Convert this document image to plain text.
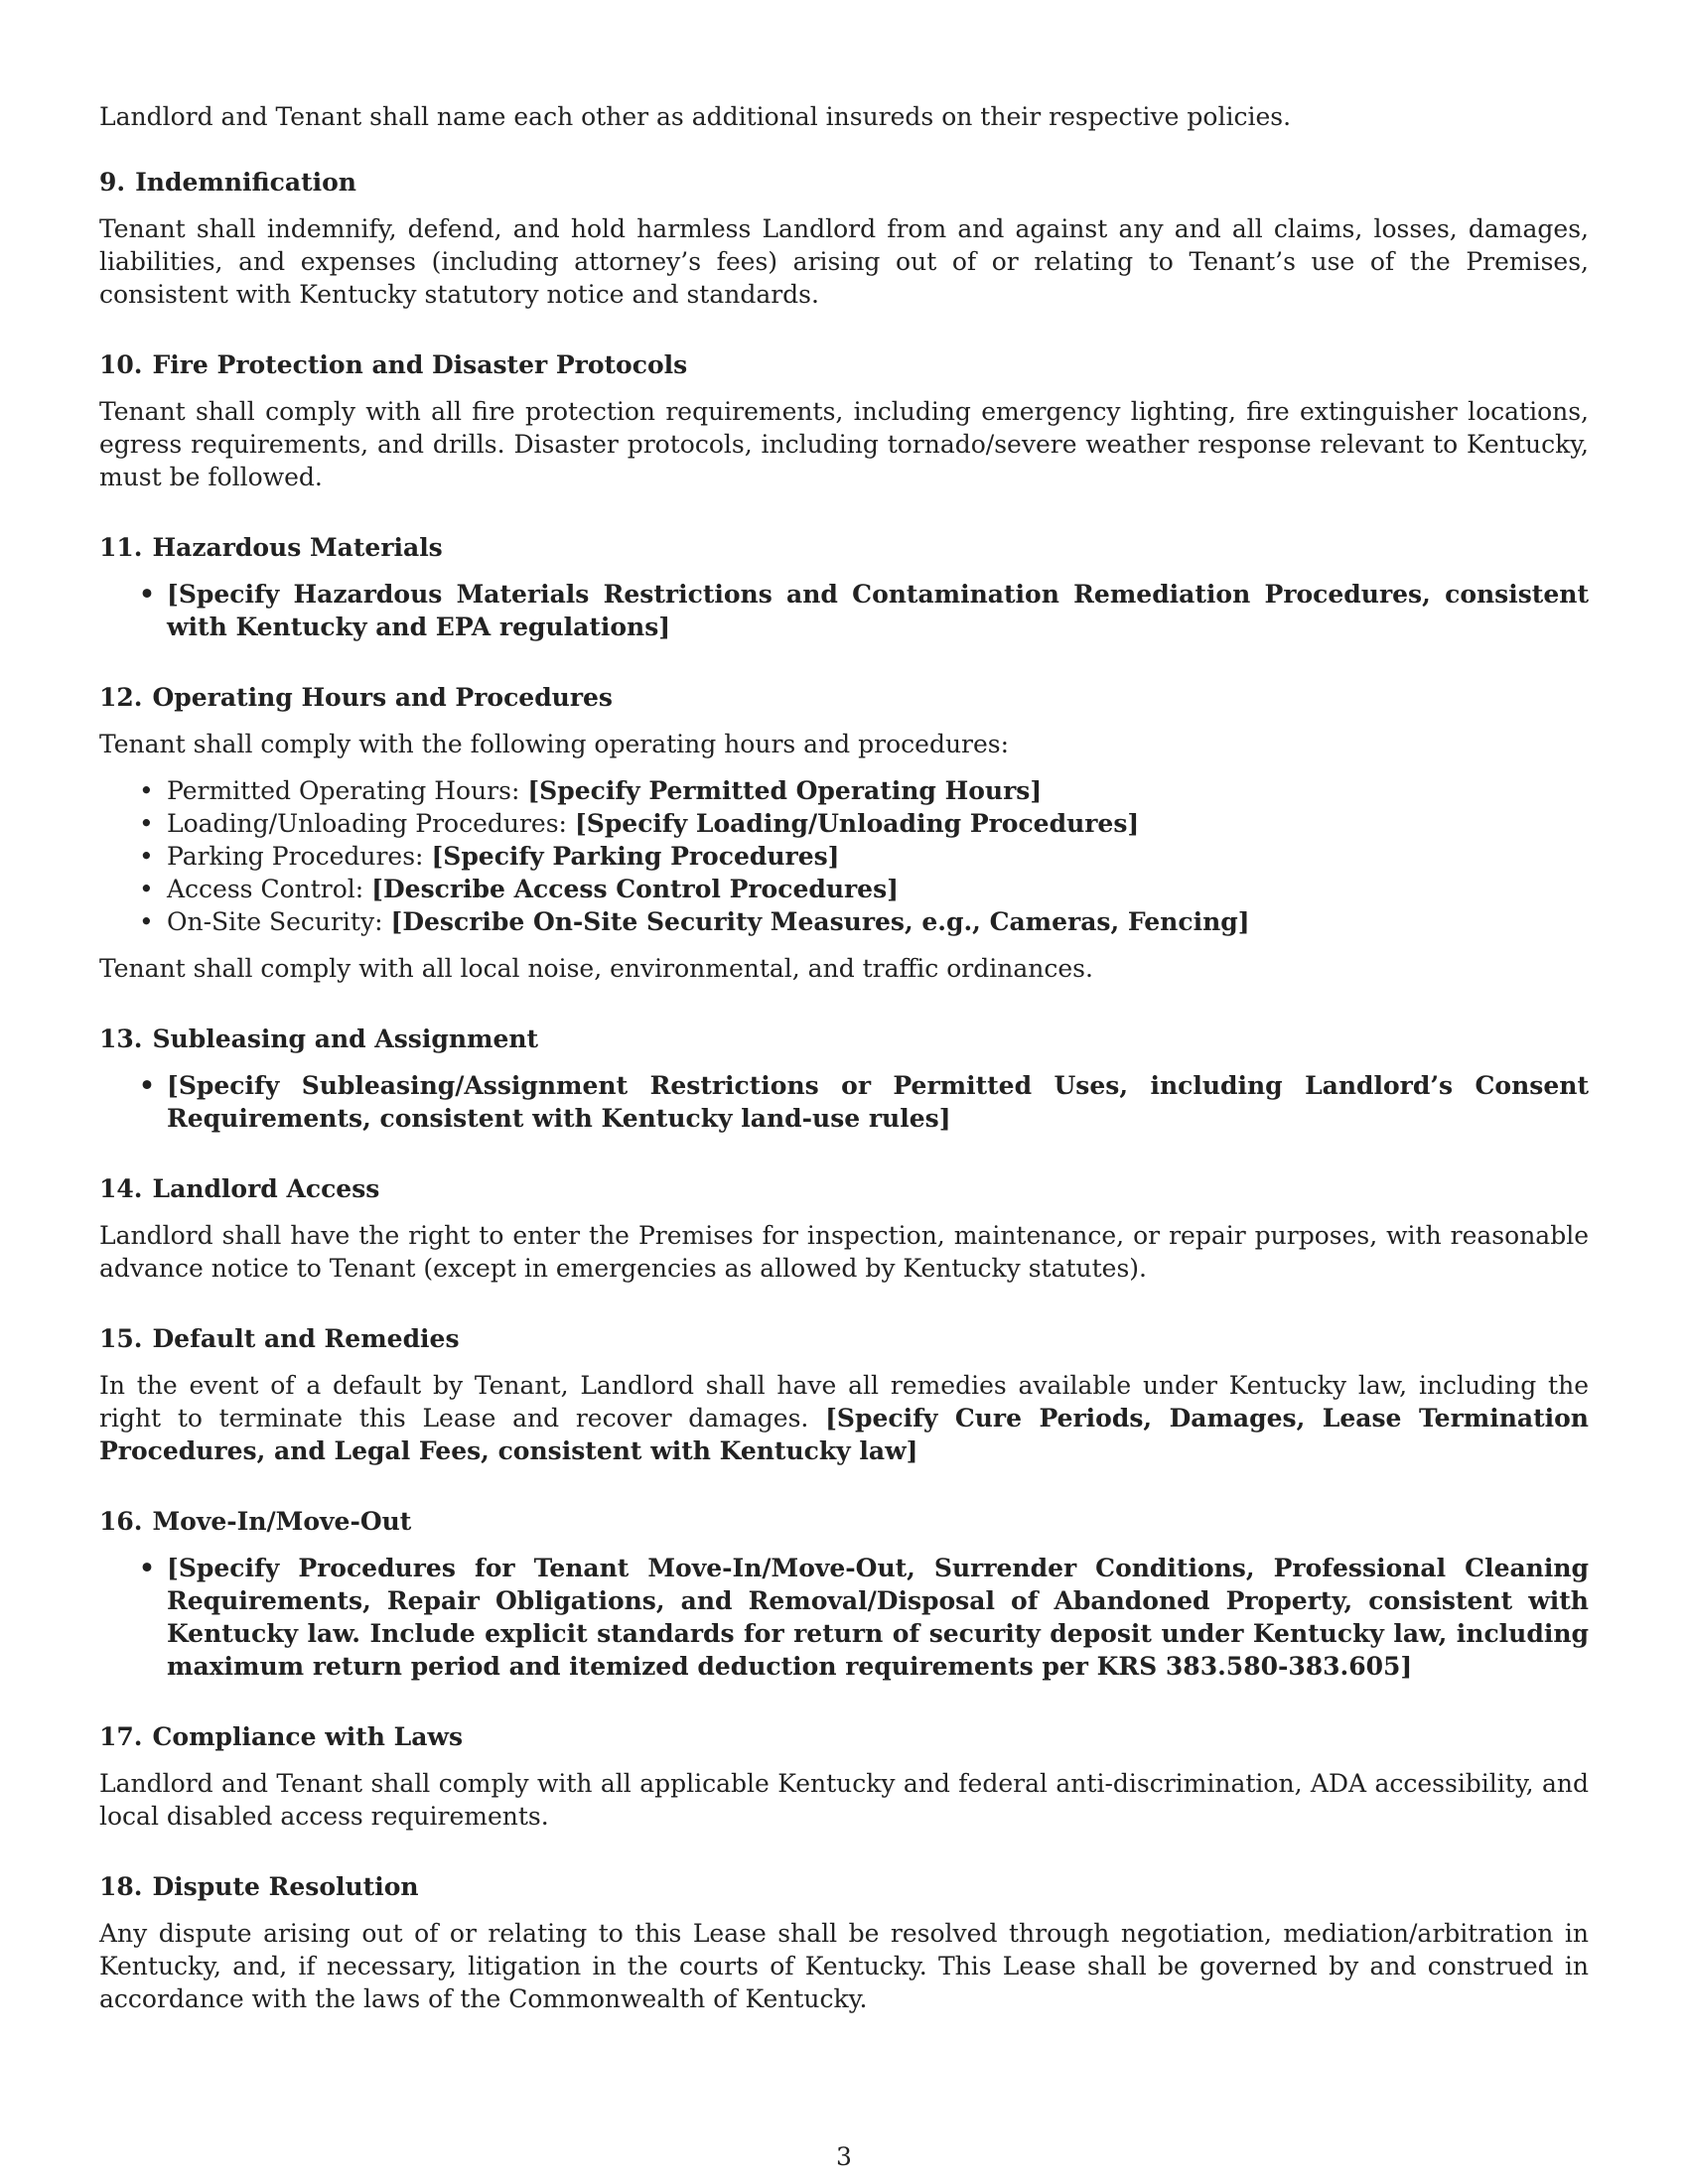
Landlord and Tenant shall name each other as additional insureds on their respective policies.

9. Indemnification

Tenant shall indemnify, defend, and hold harmless Landlord from and against any and all claims, losses, damages, liabilities, and expenses (including attorney’s fees) arising out of or relating to Tenant’s use of the Premises, consistent with Kentucky statutory notice and standards.

10. Fire Protection and Disaster Protocols

Tenant shall comply with all fire protection requirements, including emergency lighting, fire extinguisher locations, egress requirements, and drills. Disaster protocols, including tornado/severe weather response relevant to Kentucky, must be followed.

11. Hazardous Materials
• [Specify Hazardous Materials Restrictions and Contamination Remediation Procedures, consistent with Kentucky and EPA regulations]
12. Operating Hours and Procedures

Tenant shall comply with the following operating hours and procedures:

• Permitted Operating Hours: [Specify Permitted Operating Hours]
• Loading/Unloading Procedures: [Specify Loading/Unloading Procedures]
• Parking Procedures: [Specify Parking Procedures]
• Access Control: [Describe Access Control Procedures]
• On-Site Security: [Describe On-Site Security Measures, e.g., Cameras, Fencing]

Tenant shall comply with all local noise, environmental, and traffic ordinances.

13. Subleasing and Assignment
• [Specify Subleasing/Assignment Restrictions or Permitted Uses, including Landlord’s Consent Requirements, consistent with Kentucky land-use rules]
14. Landlord Access

Landlord shall have the right to enter the Premises for inspection, maintenance, or repair purposes, with reasonable advance notice to Tenant (except in emergencies as allowed by Kentucky statutes).

15. Default and Remedies

In the event of a default by Tenant, Landlord shall have all remedies available under Kentucky law, including the right to terminate this Lease and recover damages. [Specify Cure Periods, Damages, Lease Termination Procedures, and Legal Fees, consistent with Kentucky law]

16. Move-In/Move-Out
• [Specify Procedures for Tenant Move-In/Move-Out, Surrender Conditions, Professional Cleaning Requirements, Repair Obligations, and Removal/Disposal of Abandoned Property, consistent with Kentucky law. Include explicit standards for return of security deposit under Kentucky law, including maximum return period and itemized deduction requirements per KRS 383.580-383.605]
17. Compliance with Laws

Landlord and Tenant shall comply with all applicable Kentucky and federal anti-discrimination, ADA accessibility, and local disabled access requirements.

18. Dispute Resolution

Any dispute arising out of or relating to this Lease shall be resolved through negotiation, mediation/arbitration in Kentucky, and, if necessary, litigation in the courts of Kentucky. This Lease shall be governed by and construed in accordance with the laws of the Commonwealth of Kentucky.

3
